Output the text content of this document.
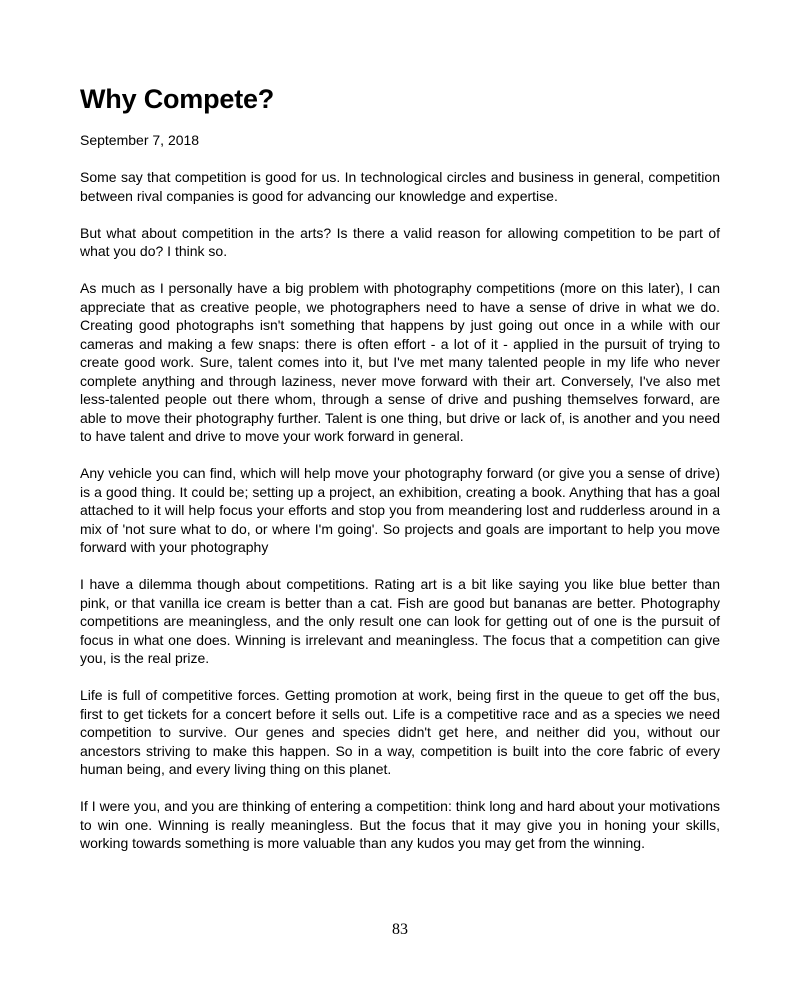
Why Compete?
September 7, 2018

Some say that competition is good for us. In technological circles and business in general, competition between rival companies is good for advancing our knowledge and expertise.

But what about competition in the arts? Is there a valid reason for allowing competition to be part of what you do? I think so.

As much as I personally have a big problem with photography competitions (more on this later), I can appreciate that as creative people, we photographers need to have a sense of drive in what we do. Creating good photographs isn't something that happens by just going out once in a while with our cameras and making a few snaps: there is often effort - a lot of it - applied in the pursuit of trying to create good work. Sure, talent comes into it, but I've met many talented people in my life who never complete anything and through laziness, never move forward with their art. Conversely, I've also met less-talented people out there whom, through a sense of drive and pushing themselves forward, are able to move their photography further. Talent is one thing, but drive or lack of, is another and you need to have talent and drive to move your work forward in general.

Any vehicle you can find, which will help move your photography forward (or give you a sense of drive) is a good thing. It could be; setting up a project, an exhibition, creating a book. Anything that has a goal attached to it will help focus your efforts and stop you from meandering lost and rudderless around in a mix of 'not sure what to do, or where I'm going'. So projects and goals are important to help you move forward with your photography

I have a dilemma though about competitions. Rating art is a bit like saying you like blue better than pink, or that vanilla ice cream is better than a cat. Fish are good but bananas are better. Photography competitions are meaningless, and the only result one can look for getting out of one is the pursuit of focus in what one does. Winning is irrelevant and meaningless. The focus that a competition can give you, is the real prize.

Life is full of competitive forces. Getting promotion at work, being first in the queue to get off the bus, first to get tickets for a concert before it sells out. Life is a competitive race and as a species we need competition to survive. Our genes and species didn't get here, and neither did you, without our ancestors striving to make this happen. So in a way, competition is built into the core fabric of every human being, and every living thing on this planet.

If I were you, and you are thinking of entering a competition: think long and hard about your motivations to win one. Winning is really meaningless. But the focus that it may give you in honing your skills, working towards something is more valuable than any kudos you may get from the winning.

83
